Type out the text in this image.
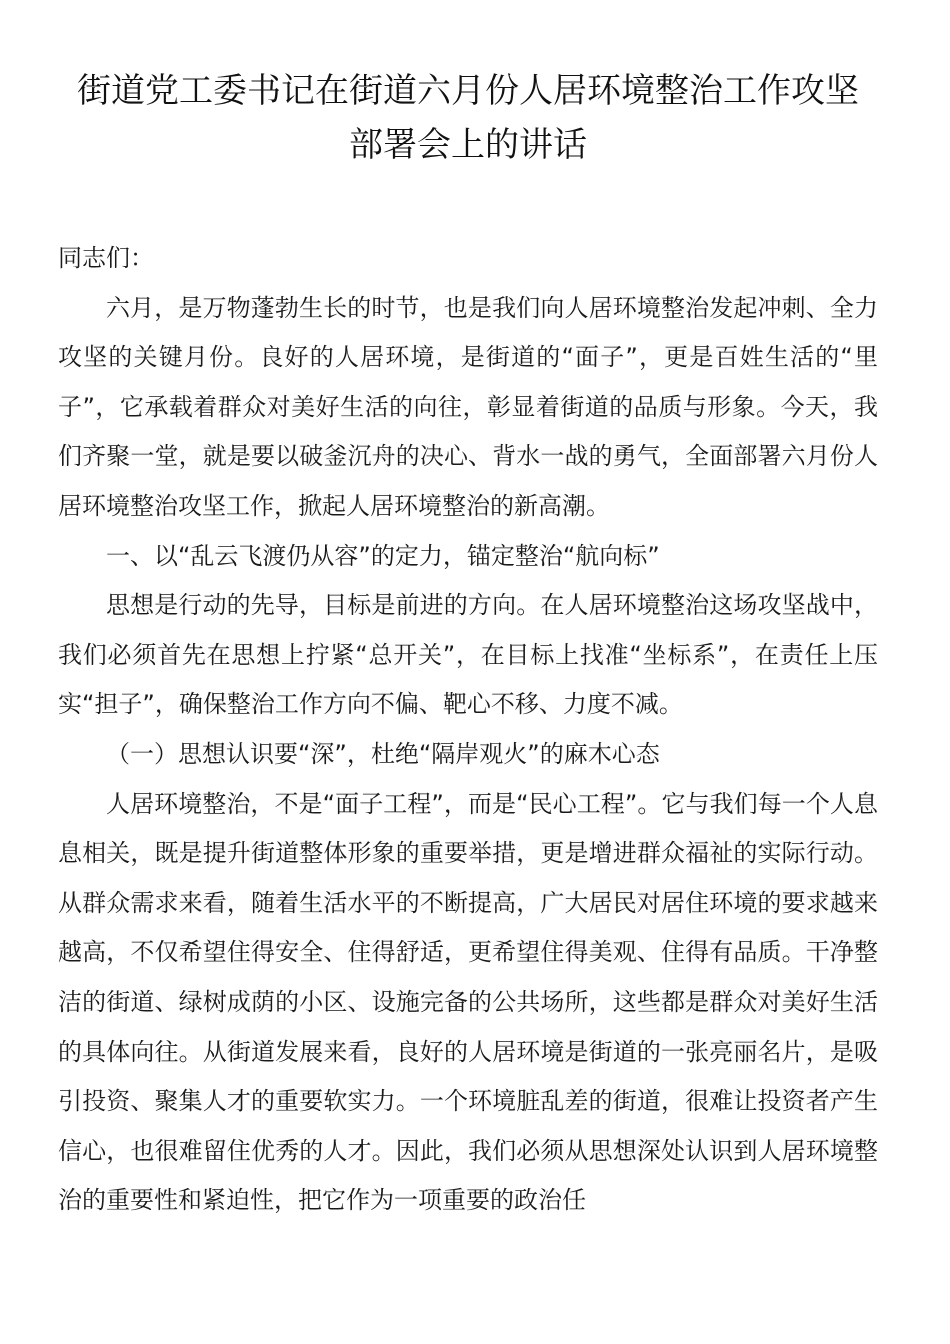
街道党工委书记在街道六月份人居环境整治工作攻坚
部署会上的讲话

同志们：

六月，是万物蓬勃生长的时节，也是我们向人居环境整治发起冲刺、全力攻坚的关键月份。良好的人居环境，是街道的“面子”，更是百姓生活的“里子”，它承载着群众对美好生活的向往，彰显着街道的品质与形象。今天，我们齐聚一堂，就是要以破釜沉舟的决心、背水一战的勇气，全面部署六月份人居环境整治攻坚工作，掀起人居环境整治的新高潮。

一、以“乱云飞渡仍从容”的定力，锚定整治“航向标”

思想是行动的先导，目标是前进的方向。在人居环境整治这场攻坚战中，我们必须首先在思想上拧紧“总开关”，在目标上找准“坐标系”，在责任上压实“担子”，确保整治工作方向不偏、靶心不移、力度不减。

（一）思想认识要“深”，杜绝“隔岸观火”的麻木心态

人居环境整治，不是“面子工程”，而是“民心工程”。它与我们每一个人息息相关，既是提升街道整体形象的重要举措，更是增进群众福祉的实际行动。从群众需求来看，随着生活水平的不断提高，广大居民对居住环境的要求越来越高，不仅希望住得安全、住得舒适，更希望住得美观、住得有品质。干净整洁的街道、绿树成荫的小区、设施完备的公共场所，这些都是群众对美好生活的具体向往。从街道发展来看，良好的人居环境是街道的一张亮丽名片，是吸引投资、聚集人才的重要软实力。一个环境脏乱差的街道，很难让投资者产生信心，也很难留住优秀的人才。因此，我们必须从思想深处认识到人居环境整治的重要性和紧迫性，把它作为一项重要的政治任
